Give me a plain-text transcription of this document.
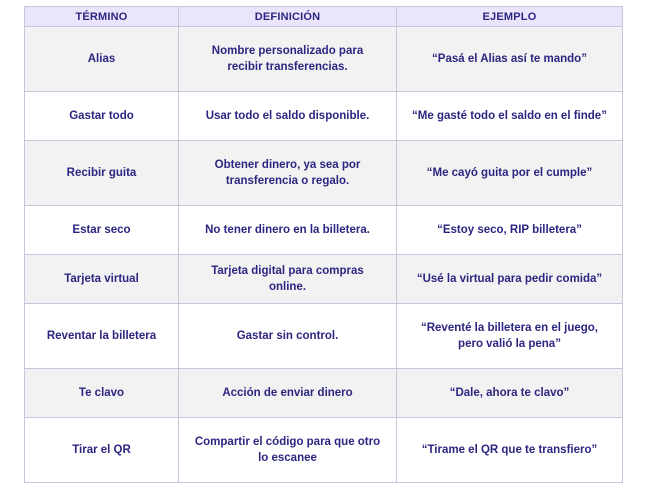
TÉRMINO	DEFINICIÓN	EJEMPLO
Alias	Nombre personalizado para recibir transferencias.	“Pasá el Alias así te mando”
Gastar todo	Usar todo el saldo disponible.	“Me gasté todo el saldo en el finde”
Recibir guita	Obtener dinero, ya sea por transferencia o regalo.	“Me cayó guita por el cumple”
Estar seco	No tener dinero en la billetera.	“Estoy seco, RIP billetera”
Tarjeta virtual	Tarjeta digital para compras online.	“Usé la virtual para pedir comida”
Reventar la billetera	Gastar sin control.	“Reventé la billetera en el juego, pero valió la pena”
Te clavo	Acción de enviar dinero	“Dale, ahora te clavo”
Tirar el QR	Compartir el código para que otro lo escanee	“Tirame el QR que te transfiero”
